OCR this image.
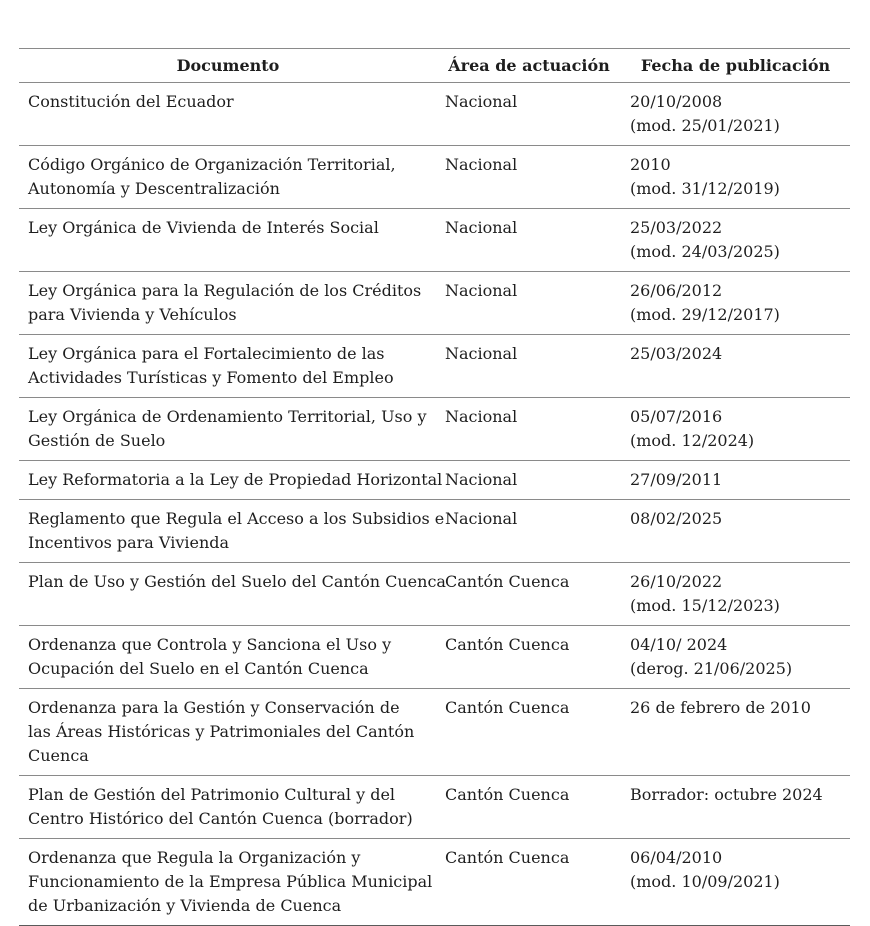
Documento	Área de actuación	Fecha de publicación

Constitución del Ecuador	Nacional	20/10/2008
(mod. 25/01/2021)

Código Orgánico de Organización Territorial,
Autonomía y Descentralización	Nacional	2010
(mod. 31/12/2019)

Ley Orgánica de Vivienda de Interés Social	Nacional	25/03/2022
(mod. 24/03/2025)

Ley Orgánica para la Regulación de los Créditos
para Vivienda y Vehículos	Nacional	26/06/2012
(mod. 29/12/2017)

Ley Orgánica para el Fortalecimiento de las
Actividades Turísticas y Fomento del Empleo	Nacional	25/03/2024

Ley Orgánica de Ordenamiento Territorial, Uso y
Gestión de Suelo	Nacional	05/07/2016
(mod. 12/2024)

Ley Reformatoria a la Ley de Propiedad Horizontal	Nacional	27/09/2011

Reglamento que Regula el Acceso a los Subsidios e
Incentivos para Vivienda	Nacional	08/02/2025

Plan de Uso y Gestión del Suelo del Cantón Cuenca	Cantón Cuenca	26/10/2022
(mod. 15/12/2023)

Ordenanza que Controla y Sanciona el Uso y
Ocupación del Suelo en el Cantón Cuenca	Cantón Cuenca	04/10/ 2024
(derog. 21/06/2025)

Ordenanza para la Gestión y Conservación de
las Áreas Históricas y Patrimoniales del Cantón
Cuenca	Cantón Cuenca	26 de febrero de 2010

Plan de Gestión del Patrimonio Cultural y del
Centro Histórico del Cantón Cuenca (borrador)	Cantón Cuenca	Borrador: octubre 2024

Ordenanza que Regula la Organización y
Funcionamiento de la Empresa Pública Municipal
de Urbanización y Vivienda de Cuenca	Cantón Cuenca	06/04/2010
(mod. 10/09/2021)
